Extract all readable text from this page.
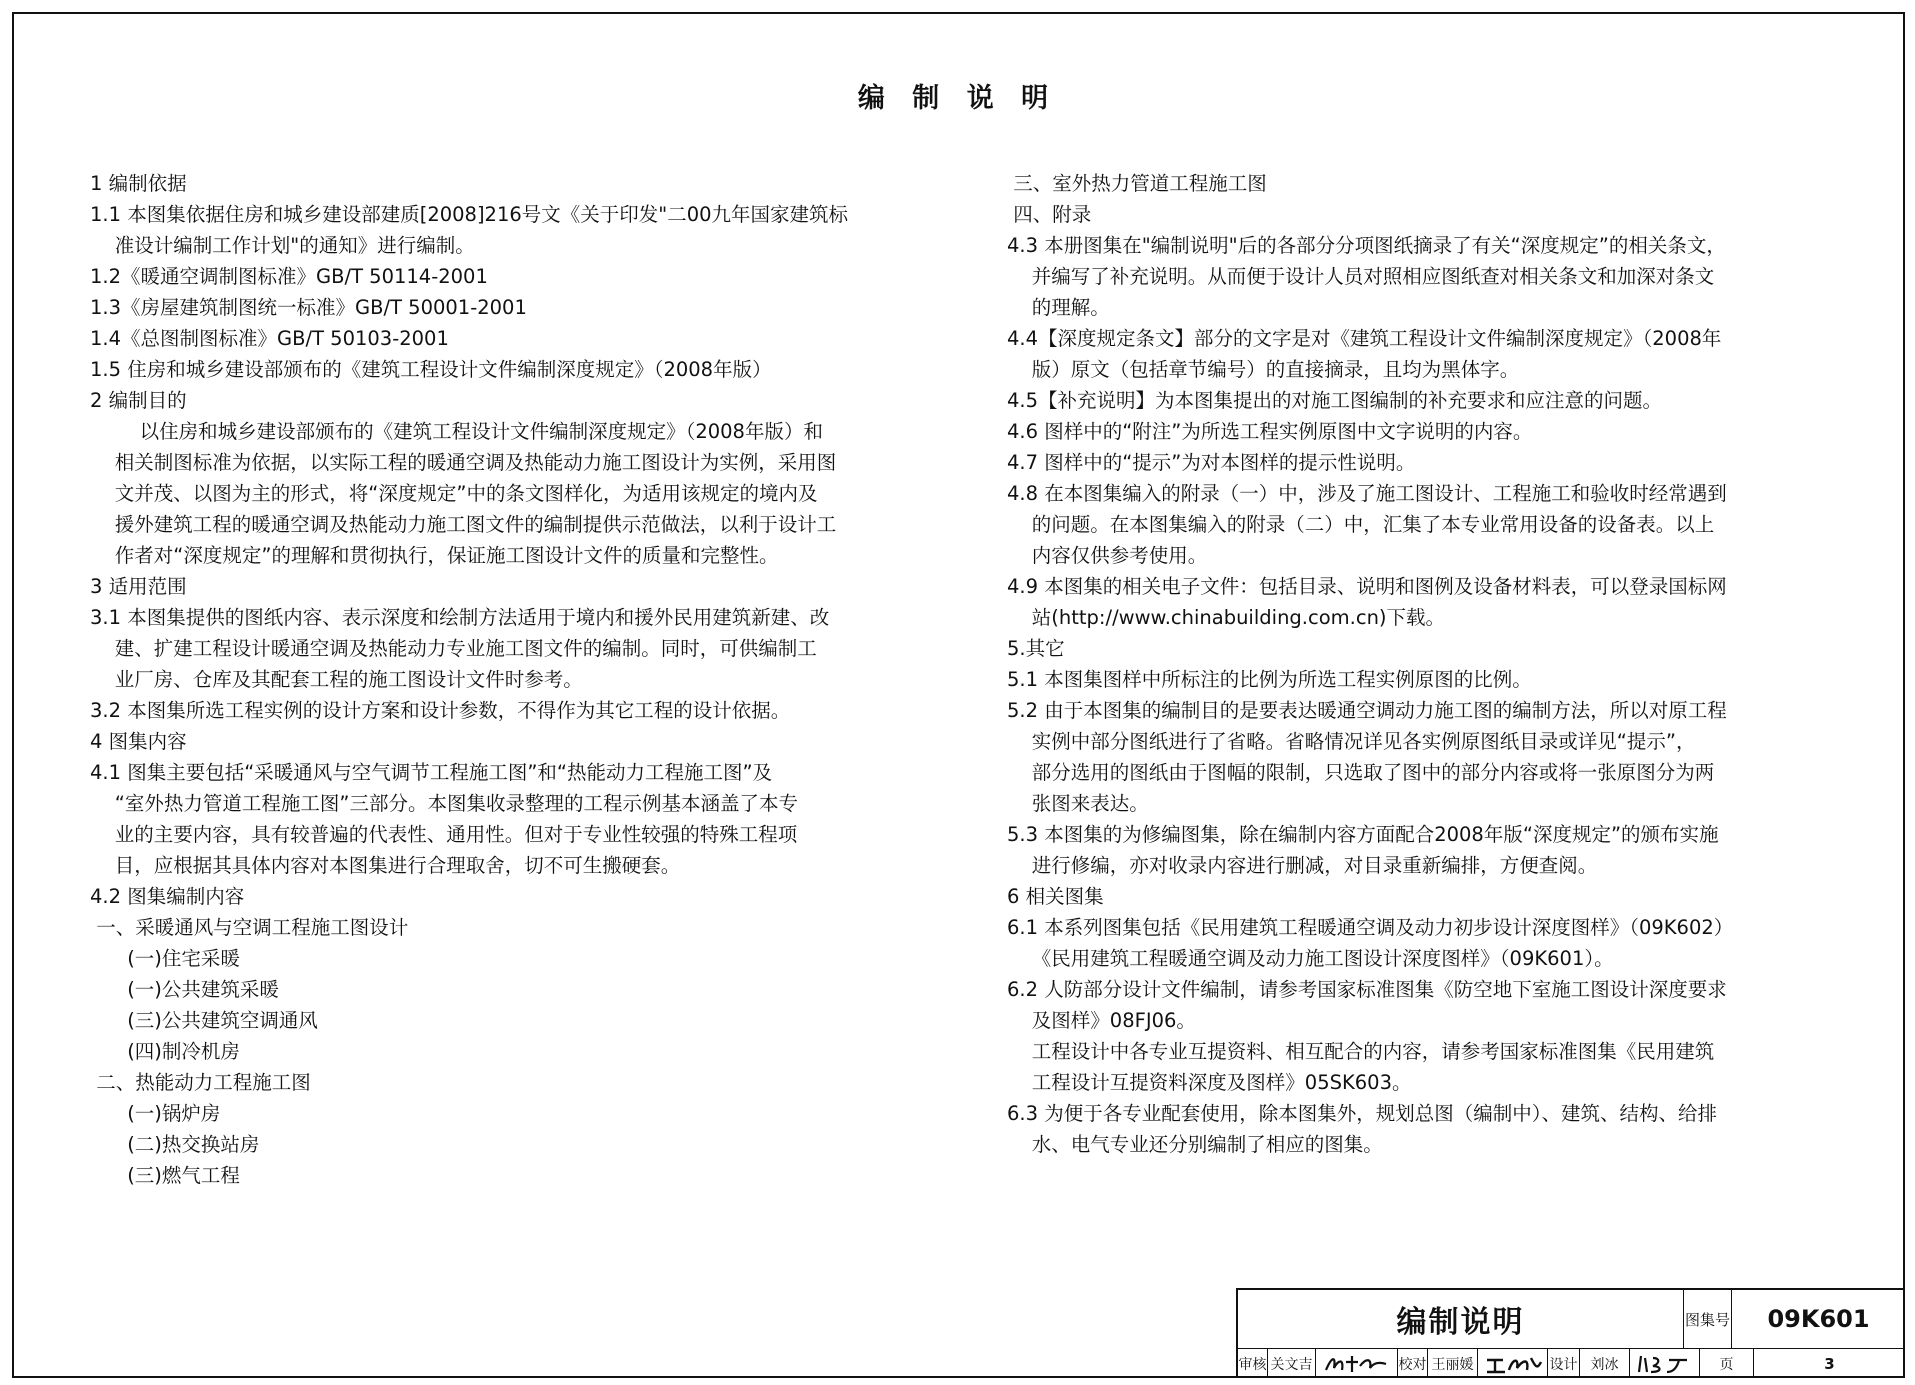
编 制 说 明
1 编制依据
1.1 本图集依据住房和城乡建设部建质[2008]216号文《关于印发"二00九年国家建筑标
准设计编制工作计划"的通知》进行编制。
1.2《暖通空调制图标准》GB/T 50114-2001
1.3《房屋建筑制图统一标准》GB/T 50001-2001
1.4《总图制图标准》GB/T 50103-2001
1.5 住房和城乡建设部颁布的《建筑工程设计文件编制深度规定》（2008年版）
2 编制目的
以住房和城乡建设部颁布的《建筑工程设计文件编制深度规定》（2008年版）和
相关制图标准为依据，以实际工程的暖通空调及热能动力施工图设计为实例，采用图
文并茂、以图为主的形式，将“深度规定”中的条文图样化，为适用该规定的境内及
援外建筑工程的暖通空调及热能动力施工图文件的编制提供示范做法，以利于设计工
作者对“深度规定”的理解和贯彻执行，保证施工图设计文件的质量和完整性。
3 适用范围
3.1 本图集提供的图纸内容、表示深度和绘制方法适用于境内和援外民用建筑新建、改
建、扩建工程设计暖通空调及热能动力专业施工图文件的编制。同时，可供编制工
业厂房、仓库及其配套工程的施工图设计文件时参考。
3.2 本图集所选工程实例的设计方案和设计参数，不得作为其它工程的设计依据。
4 图集内容
4.1 图集主要包括“采暖通风与空气调节工程施工图”和“热能动力工程施工图”及
“室外热力管道工程施工图”三部分。本图集收录整理的工程示例基本涵盖了本专
业的主要内容，具有较普遍的代表性、通用性。但对于专业性较强的特殊工程项
目，应根据其具体内容对本图集进行合理取舍，切不可生搬硬套。
4.2 图集编制内容
一、采暖通风与空调工程施工图设计
(一)住宅采暖
(一)公共建筑采暖
(三)公共建筑空调通风
(四)制冷机房
二、热能动力工程施工图
(一)锅炉房
(二)热交换站房
(三)燃气工程
三、室外热力管道工程施工图
四、附录
4.3 本册图集在"编制说明"后的各部分分项图纸摘录了有关“深度规定”的相关条文，
并编写了补充说明。从而便于设计人员对照相应图纸查对相关条文和加深对条文
的理解。
4.4【深度规定条文】部分的文字是对《建筑工程设计文件编制深度规定》（2008年
版）原文（包括章节编号）的直接摘录，且均为黑体字。
4.5【补充说明】为本图集提出的对施工图编制的补充要求和应注意的问题。
4.6 图样中的“附注”为所选工程实例原图中文字说明的内容。
4.7 图样中的“提示”为对本图样的提示性说明。
4.8 在本图集编入的附录（一）中，涉及了施工图设计、工程施工和验收时经常遇到
的问题。在本图集编入的附录（二）中，汇集了本专业常用设备的设备表。以上
内容仅供参考使用。
4.9 本图集的相关电子文件：包括目录、说明和图例及设备材料表，可以登录国标网
站(http://www.chinabuilding.com.cn)下载。
5.其它
5.1 本图集图样中所标注的比例为所选工程实例原图的比例。
5.2 由于本图集的编制目的是要表达暖通空调动力施工图的编制方法，所以对原工程
实例中部分图纸进行了省略。省略情况详见各实例原图纸目录或详见“提示”，
部分选用的图纸由于图幅的限制，只选取了图中的部分内容或将一张原图分为两
张图来表达。
5.3 本图集的为修编图集，除在编制内容方面配合2008年版“深度规定”的颁布实施
进行修编，亦对收录内容进行删减，对目录重新编排，方便查阅。
6 相关图集
6.1 本系列图集包括《民用建筑工程暖通空调及动力初步设计深度图样》（09K602）
《民用建筑工程暖通空调及动力施工图设计深度图样》（09K601）。
6.2 人防部分设计文件编制，请参考国家标准图集《防空地下室施工图设计深度要求
及图样》08FJ06。
工程设计中各专业互提资料、相互配合的内容，请参考国家标准图集《民用建筑
工程设计互提资料深度及图样》05SK603。
6.3 为便于各专业配套使用，除本图集外，规划总图（编制中）、建筑、结构、给排
水、电气专业还分别编制了相应的图集。
编制说明	图集号 09K601
审核 关文吉	校对 王丽媛	设计 刘冰	页	3
